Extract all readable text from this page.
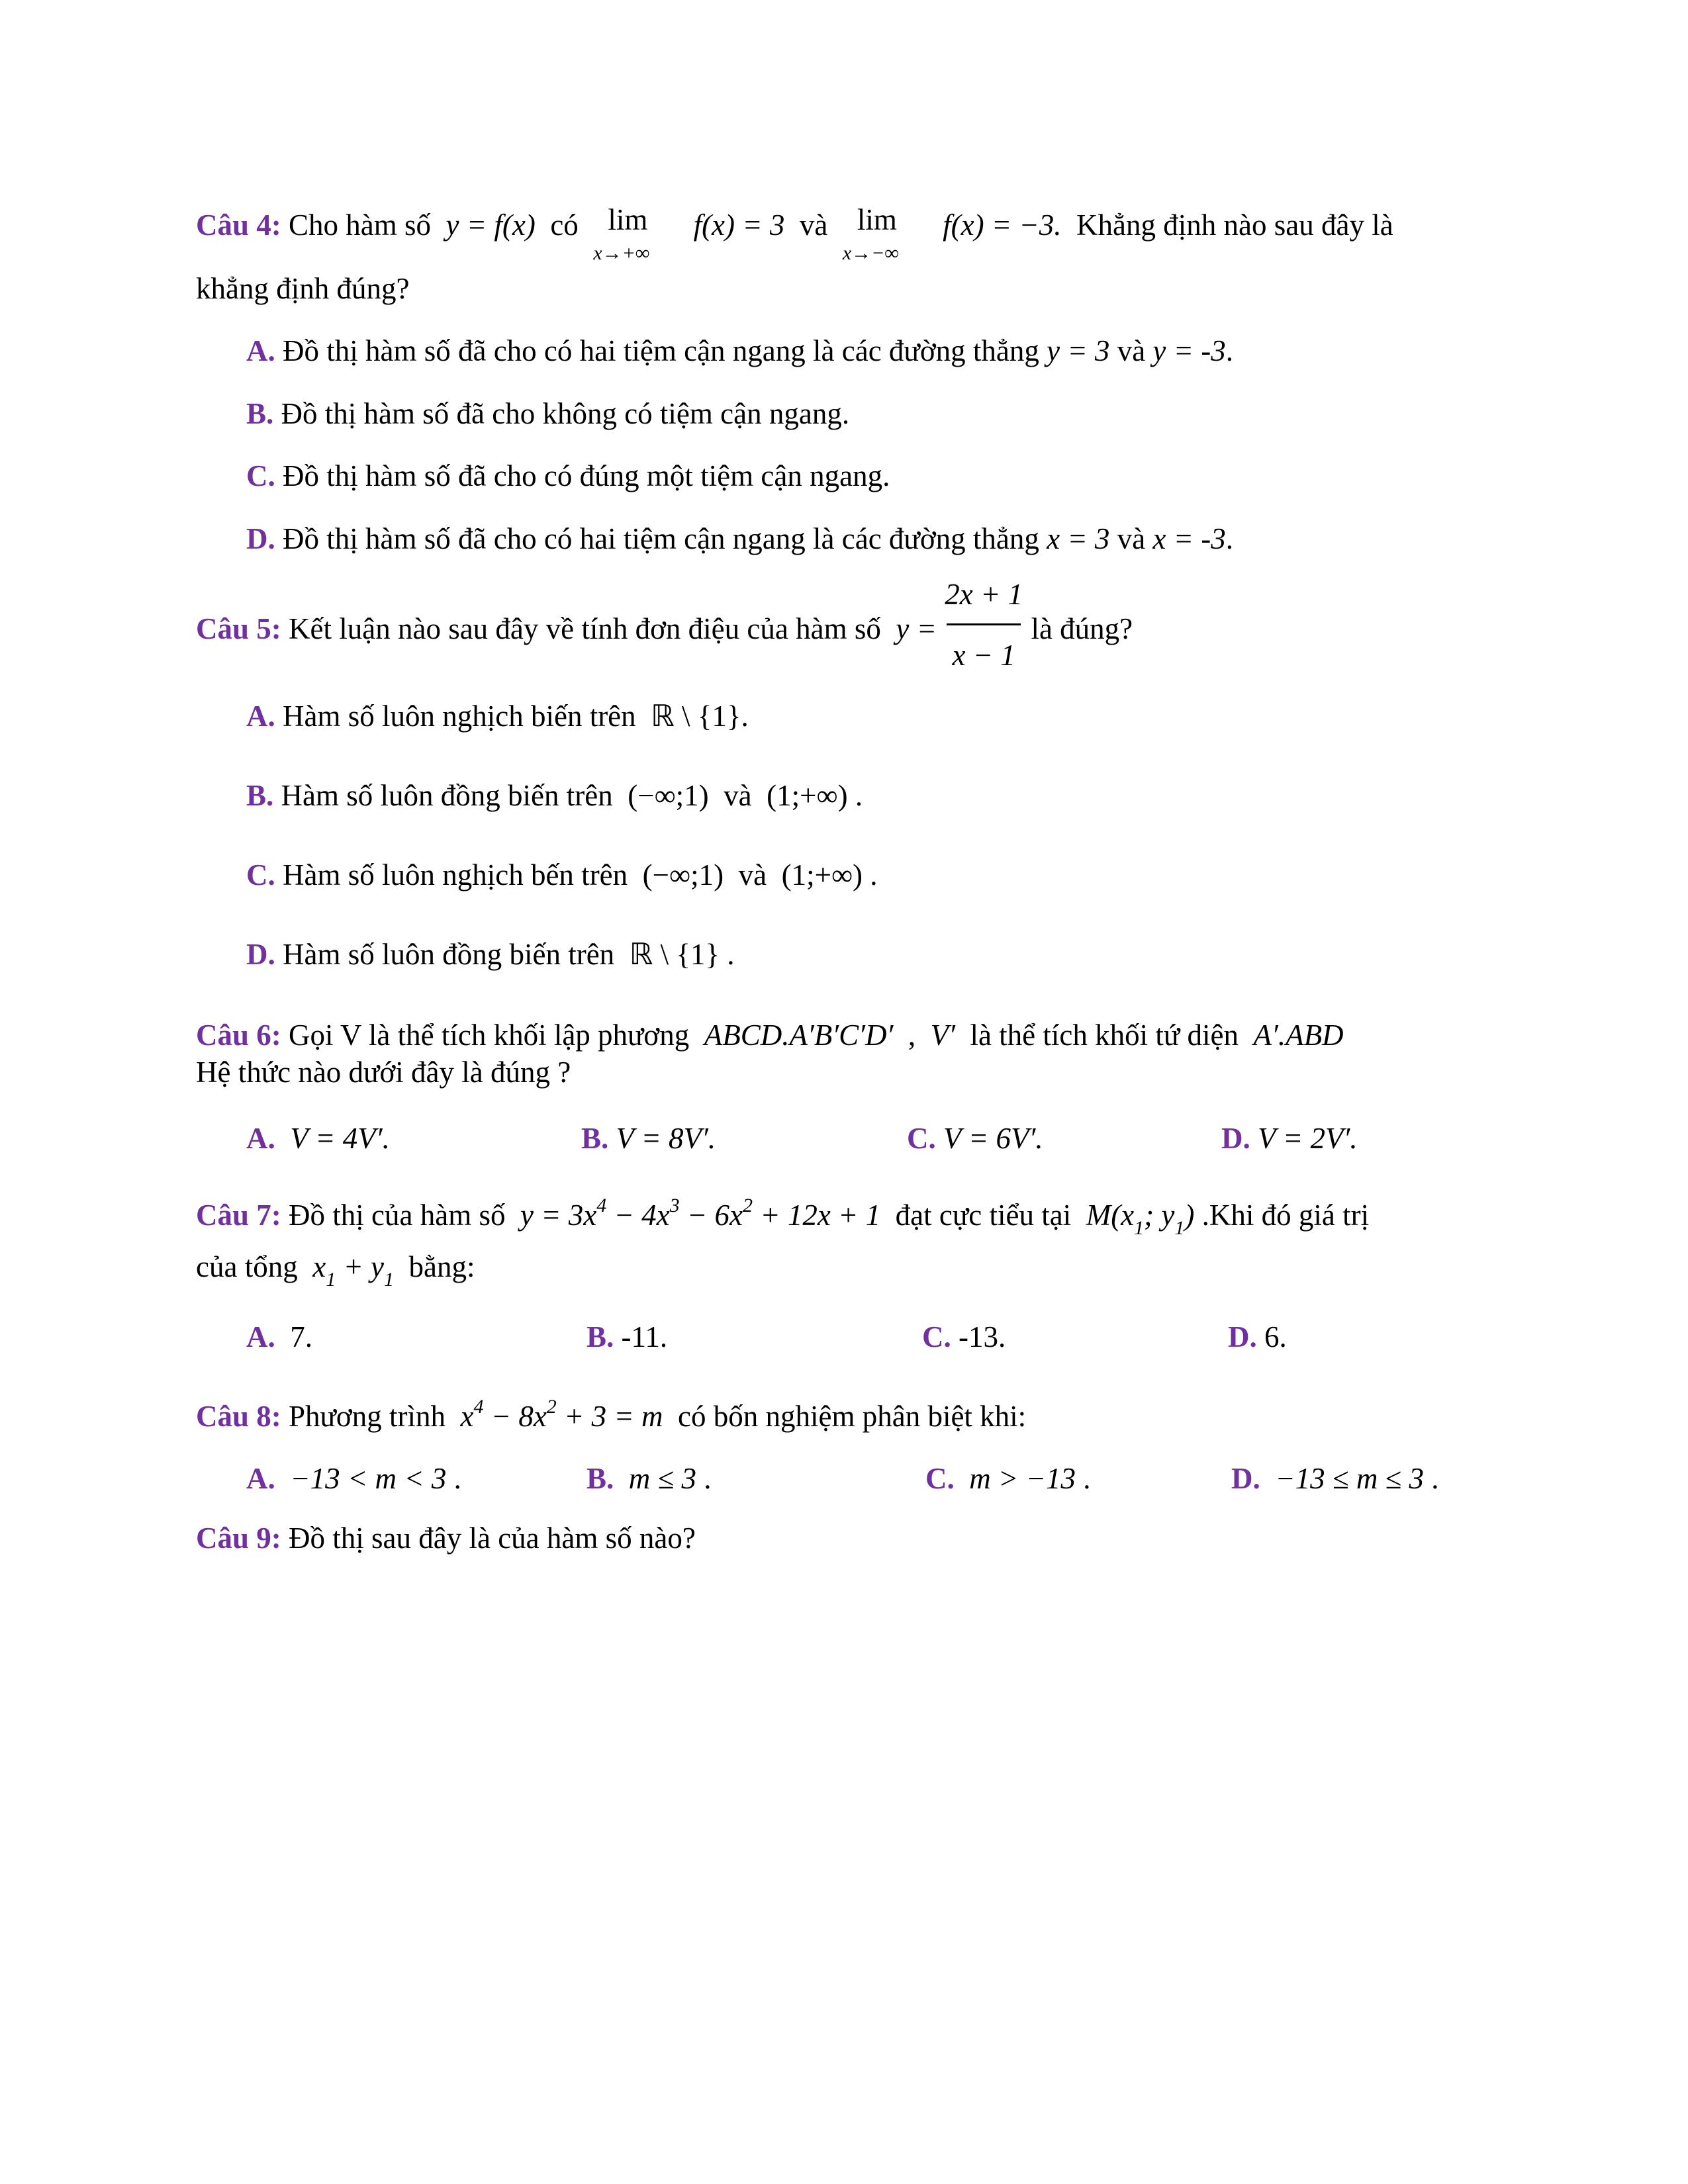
Câu 4: Cho hàm số y = f(x) có lim
x→+∞
f(x) = 3 và lim
x→−∞
f(x) = −3. Khẳng định nào sau đây là
khẳng định đúng?
A. Đồ thị hàm số đã cho có hai tiệm cận ngang là các đường thẳng y = 3 và y = -3.
B. Đồ thị hàm số đã cho không có tiệm cận ngang.
C. Đồ thị hàm số đã cho có đúng một tiệm cận ngang.
D. Đồ thị hàm số đã cho có hai tiệm cận ngang là các đường thẳng x = 3 và x = -3.
Câu 5: Kết luận nào sau đây về tính đơn điệu của hàm số $y = \frac{2x + 1}{x - 1}$ là đúng?
A. Hàm số luôn nghịch biến trên ℝ \ {1}.
B. Hàm số luôn đồng biến trên (−∞;1) và (1;+∞) .
C. Hàm số luôn nghịch bến trên (−∞;1) và (1;+∞) .
D. Hàm số luôn đồng biến trên ℝ \ {1} .
Câu 6: Gọi V là thể tích khối lập phương ABCD.A′B′C′D′ , V′ là thể tích khối tứ diện A′.ABD
Hệ thức nào dưới đây là đúng ?
A. V = 4V′.	B. V = 8V′.	C. V = 6V′.	D. V = 2V′.
Câu 7: Đồ thị của hàm số $y = 3x^4 - 4x^3 - 6x^2 + 12x + 1$ đạt cực tiểu tại $M(x_1$; $y_1$) .Khi đó giá trị
của tổng $x_1 + y_1$ bằng:
A. 7.	B. -11.	C. -13.	D. 6.
Câu 8: Phương trình $x^4 - 8x^2 + 3 = m$ có bốn nghiệm phân biệt khi:
A. −13 < m < 3 .	B. m ≤ 3 .	C. m > −13 .	D. −13 ≤ m ≤ 3 .
Câu 9: Đồ thị sau đây là của hàm số nào?
